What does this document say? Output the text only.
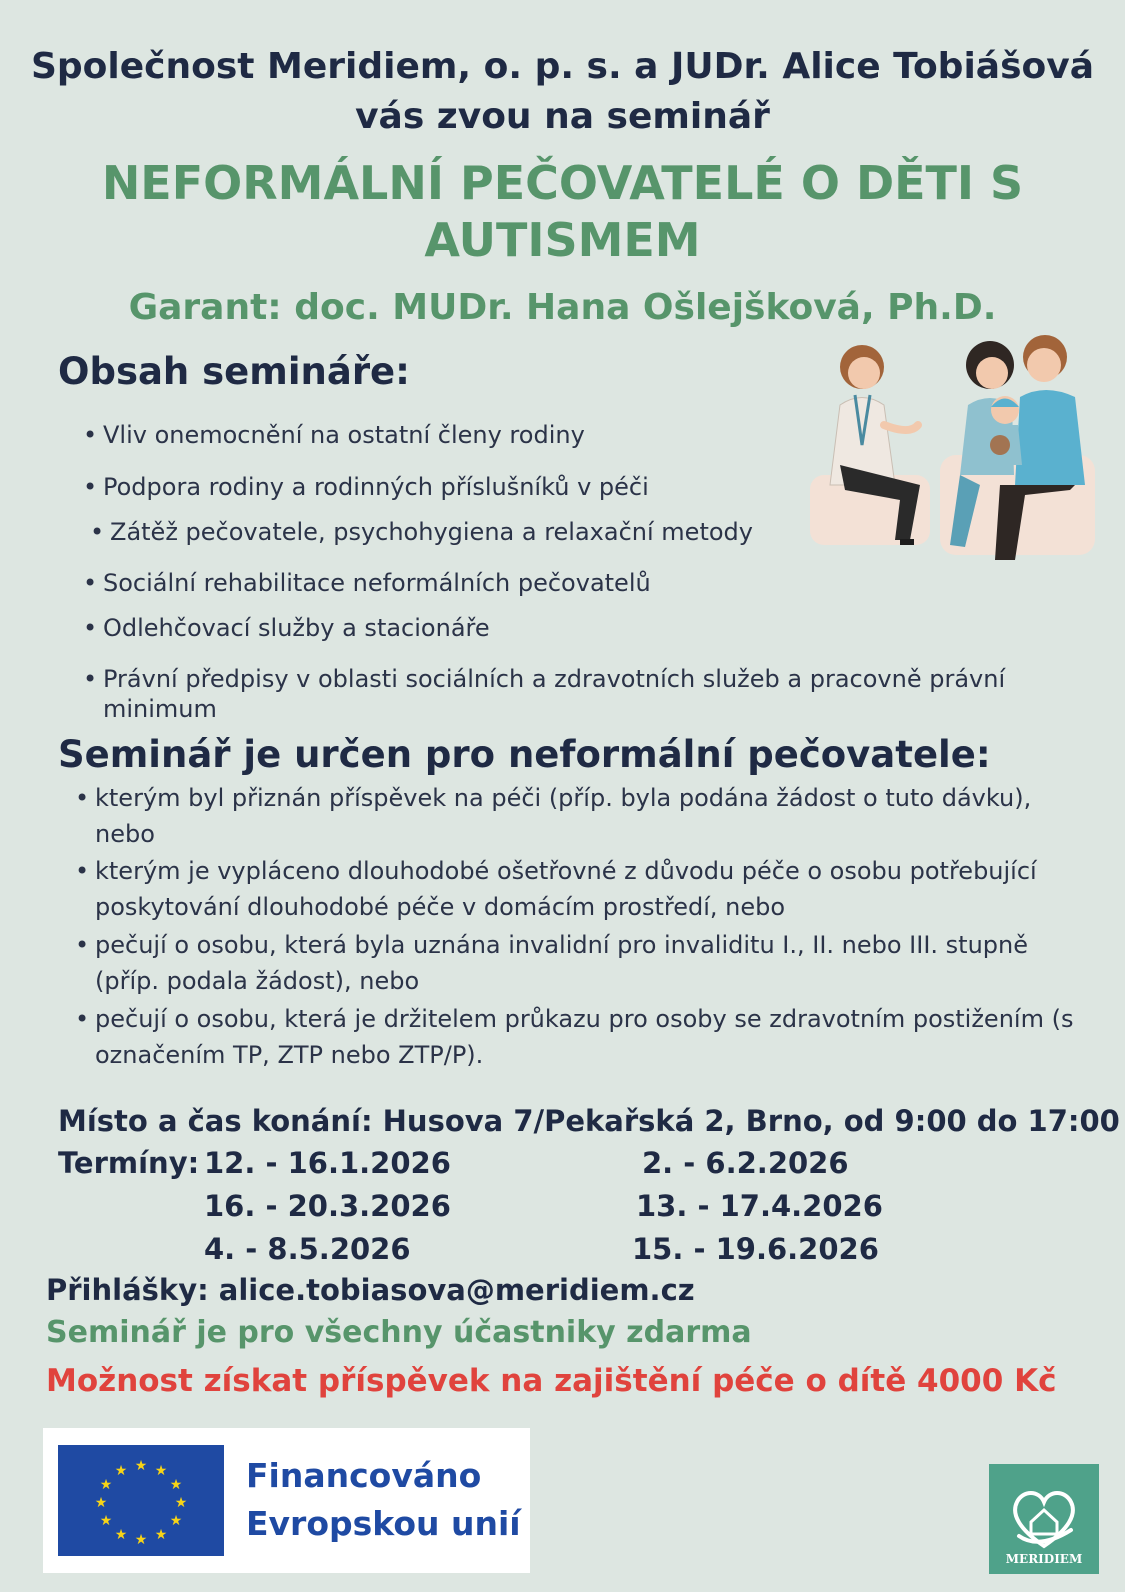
Společnost Meridiem, o. p. s. a JUDr. Alice Tobiášová
vás zvou na seminář
NEFORMÁLNÍ PEČOVATELÉ O DĚTI S
AUTISMEM
Garant: doc. MUDr. Hana Ošlejšková, Ph.D.
Obsah semináře:
• Vliv onemocnění na ostatní členy rodiny
• Podpora rodiny a rodinných příslušníků v péči
• Zátěž pečovatele, psychohygiena a relaxační metody
• Sociální rehabilitace neformálních pečovatelů
• Odlehčovací služby a stacionáře
• Právní předpisy v oblasti sociálních a zdravotních služeb a pracovně právní minimum
Seminář je určen pro neformální pečovatele:
• kterým byl přiznán příspěvek na péči (příp. byla podána žádost o tuto dávku), nebo
• kterým je vypláceno dlouhodobé ošetřovné z důvodu péče o osobu potřebující poskytování dlouhodobé péče v domácím prostředí, nebo
• pečují o osobu, která byla uznána invalidní pro invaliditu I., II. nebo III. stupně (příp. podala žádost), nebo
• pečují o osobu, která je držitelem průkazu pro osoby se zdravotním postižením (s označením TP, ZTP nebo ZTP/P).
Místo a čas konání: Husova 7/Pekařská 2, Brno, od 9:00 do 17:00
Termíny: 12. - 16.1.2026	2. - 6.2.2026
16. - 20.3.2026	13. - 17.4.2026
4. - 8.5.2026	15. - 19.6.2026
Přihlášky: alice.tobiasova@meridiem.cz
Seminář je pro všechny účastniky zdarma
Možnost získat příspěvek na zajištění péče o dítě 4000 Kč
★ ★
★
★
★
★
★
★
★
★
★
★	Financováno
Evropskou unií
MERIDIEM
